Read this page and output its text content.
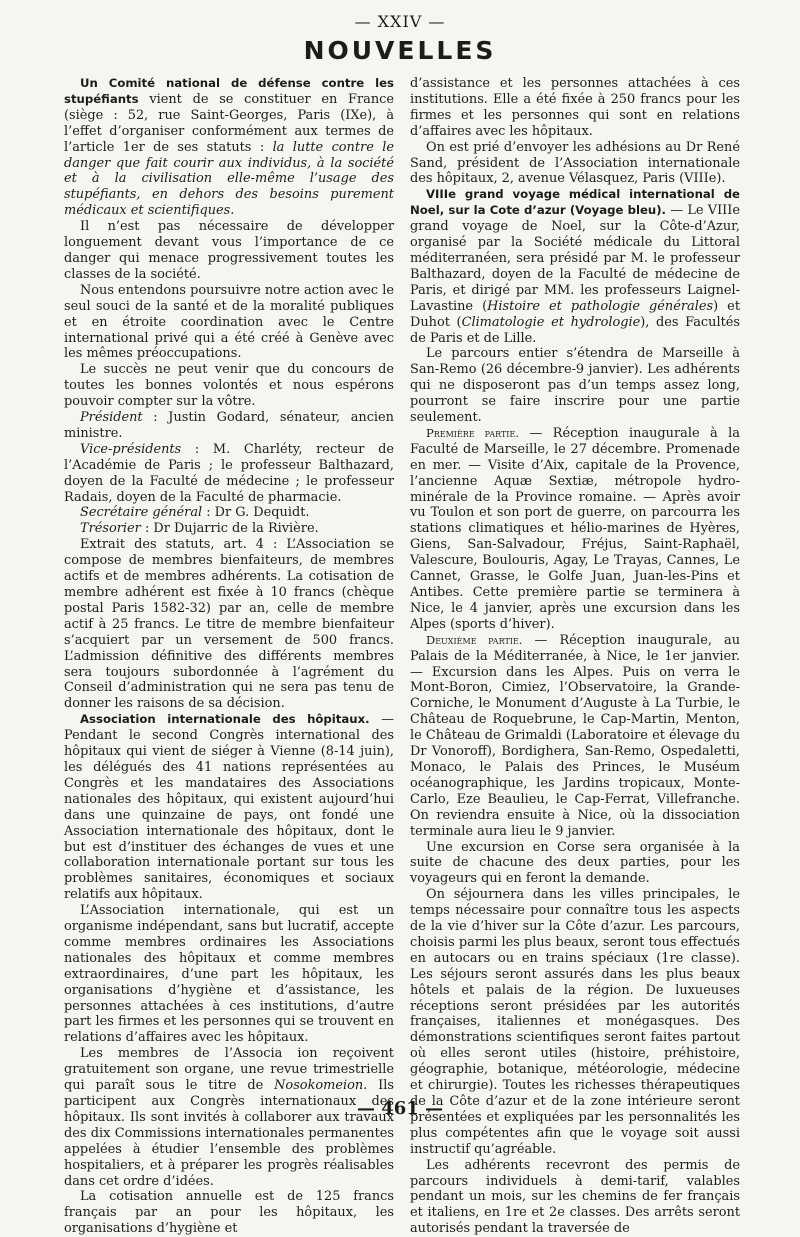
— XXIV —
NOUVELLES

Un Comité national de défense contre les stupéfiants vient de se constituer en France (siège : 52, rue Saint-Georges, Paris (IXe), à l’effet d’organiser conformément aux termes de l’article 1er de ses statuts : la lutte contre le danger que fait courir aux individus, à la société et à la civilisation elle-même l’usage des stupéfiants, en dehors des besoins purement médicaux et scientifiques.

Il n’est pas nécessaire de développer longuement devant vous l’importance de ce danger qui menace progressivement toutes les classes de la société.

Nous entendons poursuivre notre action avec le seul souci de la santé et de la moralité publiques et en étroite coordination avec le Centre international privé qui a été créé à Genève avec les mêmes préoccupations.

Le succès ne peut venir que du concours de toutes les bonnes volontés et nous espérons pouvoir compter sur la vôtre.

Président : Justin Godard, sénateur, ancien ministre.

Vice-présidents : M. Charléty, recteur de l’Académie de Paris ; le professeur Balthazard, doyen de la Faculté de médecine ; le professeur Radais, doyen de la Faculté de pharmacie.

Secrétaire général : Dr G. Dequidt.

Trésorier : Dr Dujarric de la Rivière.

Extrait des statuts, art. 4 : L’Association se compose de membres bienfaiteurs, de membres actifs et de membres adhérents. La cotisation de membre adhérent est fixée à 10 francs (chèque postal Paris 1582-32) par an, celle de membre actif à 25 francs. Le titre de membre bienfaiteur s’acquiert par un versement de 500 francs. L’admission définitive des différents membres sera toujours subordonnée à l’agrément du Conseil d’administration qui ne sera pas tenu de donner les raisons de sa décision.

Association internationale des hôpitaux. — Pendant le second Congrès international des hôpitaux qui vient de siéger à Vienne (8-14 juin), les délégués des 41 nations représentées au Congrès et les mandataires des Associations nationales des hôpitaux, qui existent aujourd’hui dans une quinzaine de pays, ont fondé une Association internationale des hôpitaux, dont le but est d’instituer des échanges de vues et une collaboration internationale portant sur tous les problèmes sanitaires, économiques et sociaux relatifs aux hôpitaux.

L’Association internationale, qui est un organisme indépendant, sans but lucratif, accepte comme membres ordinaires les Associations nationales des hôpitaux et comme membres extraordinaires, d’une part les hôpitaux, les organisations d’hygiène et d’assistance, les personnes attachées à ces institutions, d’autre part les firmes et les personnes qui se trouvent en relations d’affaires avec les hôpitaux.

Les membres de l’Associa ion reçoivent gratuitement son organe, une revue trimestrielle qui paraît sous le titre de Nosokomeion. Ils participent aux Congrès internationaux des hôpitaux. Ils sont invités à collaborer aux travaux des dix Commissions internationales permanentes appelées à étudier l’ensemble des problèmes hospitaliers, et à préparer les progrès réalisables dans cet ordre d’idées.

La cotisation annuelle est de 125 francs français par an pour les hôpitaux, les organisations d’hygiène et

d’assistance et les personnes attachées à ces institutions. Elle a été fixée à 250 francs pour les firmes et les personnes qui sont en relations d’affaires avec les hôpitaux.

On est prié d’envoyer les adhésions au Dr René Sand, président de l’Association internationale des hôpitaux, 2, avenue Vélasquez, Paris (VIIIe).

VIIIe grand voyage médical international de Noel, sur la Cote d’azur (Voyage bleu). — Le VIIIe grand voyage de Noel, sur la Côte-d’Azur, organisé par la Société médicale du Littoral méditerranéen, sera présidé par M. le professeur Balthazard, doyen de la Faculté de médecine de Paris, et dirigé par MM. les professeurs Laignel-Lavastine (Histoire et pathologie générales) et Duhot (Climatologie et hydrologie), des Facultés de Paris et de Lille.

Le parcours entier s’étendra de Marseille à San-Remo (26 décembre-9 janvier). Les adhérents qui ne disposeront pas d’un temps assez long, pourront se faire inscrire pour une partie seulement.

Première partie. — Réception inaugurale à la Faculté de Marseille, le 27 décembre. Promenade en mer. — Visite d’Aix, capitale de la Provence, l’ancienne Aquæ Sextiæ, métropole hydro-minérale de la Province romaine. — Après avoir vu Toulon et son port de guerre, on parcourra les stations climatiques et hélio-marines de Hyères, Giens, San-Salvadour, Fréjus, Saint-Raphaël, Valescure, Boulouris, Agay, Le Trayas, Cannes, Le Cannet, Grasse, le Golfe Juan, Juan-les-Pins et Antibes. Cette première partie se terminera à Nice, le 4 janvier, après une excursion dans les Alpes (sports d’hiver).

Deuxième partie. — Réception inaugurale, au Palais de la Méditerranée, à Nice, le 1er janvier. — Excursion dans les Alpes. Puis on verra le Mont-Boron, Cimiez, l’Observatoire, la Grande-Corniche, le Monument d’Auguste à La Turbie, le Château de Roquebrune, le Cap-Martin, Menton, le Château de Grimaldi (Laboratoire et élevage du Dr Vonoroff), Bordighera, San-Remo, Ospedaletti, Monaco, le Palais des Princes, le Muséum océanographique, les Jardins tropicaux, Monte-Carlo, Eze Beaulieu, le Cap-Ferrat, Villefranche. On reviendra ensuite à Nice, où la dissociation terminale aura lieu le 9 janvier.

Une excursion en Corse sera organisée à la suite de chacune des deux parties, pour les voyageurs qui en feront la demande.

On séjournera dans les villes principales, le temps nécessaire pour connaître tous les aspects de la vie d’hiver sur la Côte d’azur. Les parcours, choisis parmi les plus beaux, seront tous effectués en autocars ou en trains spéciaux (1re classe). Les séjours seront assurés dans les plus beaux hôtels et palais de la région. De luxueuses réceptions seront présidées par les autorités françaises, italiennes et monégasques. Des démonstrations scientifiques seront faites partout où elles seront utiles (histoire, préhistoire, géographie, botanique, météorologie, médecine et chirurgie). Toutes les richesses thérapeutiques de la Côte d’azur et de la zone intérieure seront présentées et expliquées par les personnalités les plus compétentes afin que le voyage soit aussi instructif qu’agréable.

Les adhérents recevront des permis de parcours individuels à demi-tarif, valables pendant un mois, sur les chemins de fer français et italiens, en 1re et 2e classes. Des arrêts seront autorisés pendant la traversée de

— 461 —
